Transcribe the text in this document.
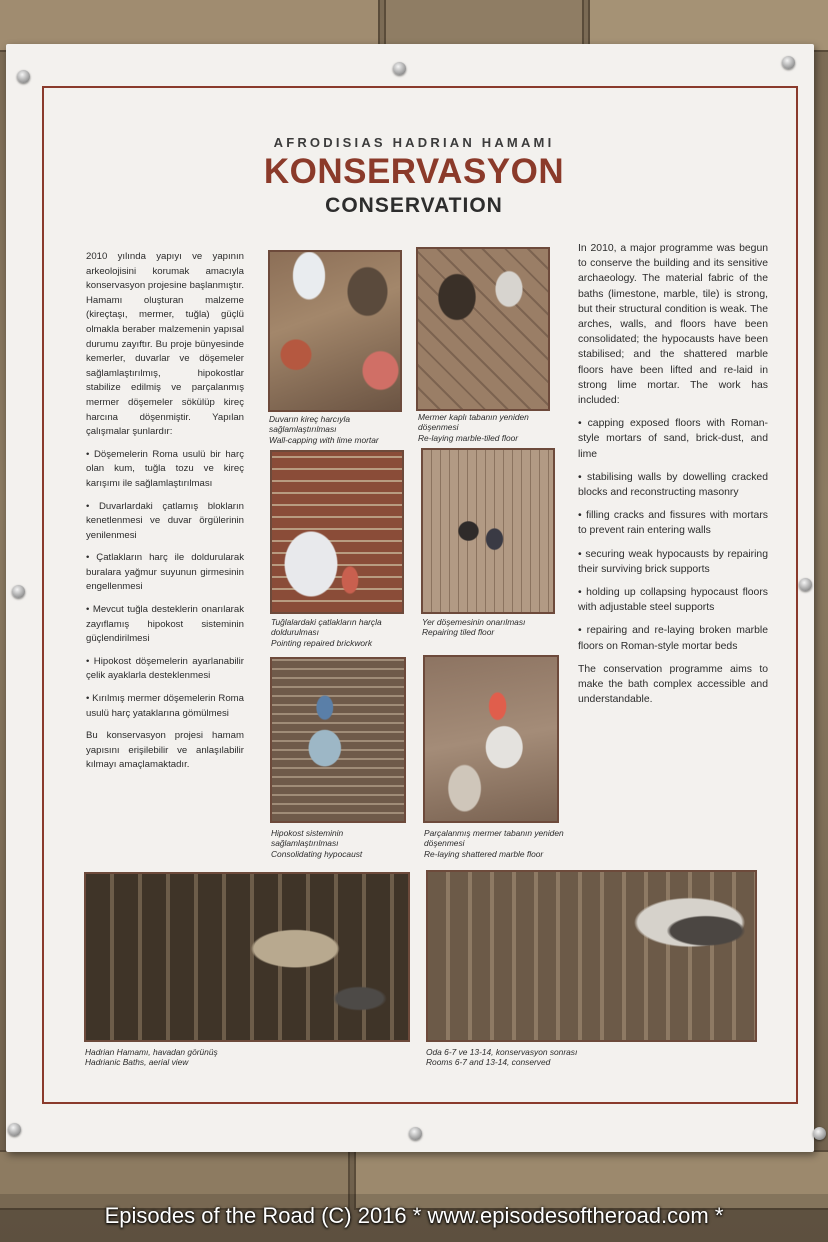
AFRODISIAS HADRIAN HAMAMI
KONSERVASYON
CONSERVATION

2010 yılında yapıyı ve yapının arkeolojisini korumak amacıyla konservasyon projesine başlanmıştır. Hamamı oluşturan malzeme (kireçtaşı, mermer, tuğla) güçlü olmakla beraber malzemenin yapısal durumu zayıftır. Bu proje bünyesinde kemerler, duvarlar ve döşemeler sağlamlaştırılmış, hipokostlar stabilize edilmiş ve parçalanmış mermer döşemeler sökülüp kireç harcına döşenmiştir. Yapılan çalışmalar şunlardır:

• Döşemelerin Roma usulü bir harç olan kum, tuğla tozu ve kireç karışımı ile sağlamlaştırılması

• Duvarlardaki çatlamış blokların kenetlenmesi ve duvar örgülerinin yenilenmesi

• Çatlakların harç ile doldurularak buralara yağmur suyunun girmesinin engellenmesi

• Mevcut tuğla desteklerin onarılarak zayıflamış hipokost sisteminin güçlendirilmesi

• Hipokost döşemelerin ayarlanabilir çelik ayaklarla desteklenmesi

• Kırılmış mermer döşemelerin Roma usulü harç yataklarına gömülmesi

Bu konservasyon projesi hamam yapısını erişilebilir ve anlaşılabilir kılmayı amaçlamaktadır.

In 2010, a major programme was begun to conserve the building and its sensitive archaeology. The material fabric of the baths (limestone, marble, tile) is strong, but their structural condition is weak. The arches, walls, and floors have been consolidated; the hypocausts have been stabilised; and the shattered marble floors have been lifted and re-laid in strong lime mortar. The work has included:

• capping exposed floors with Roman-style mortars of sand, brick-dust, and lime

• stabilising walls by dowelling cracked blocks and reconstructing masonry

• filling cracks and fissures with mortars to prevent rain entering walls

• securing weak hypocausts by repairing their surviving brick supports

• holding up collapsing hypocaust floors with adjustable steel supports

• repairing and re-laying broken marble floors on Roman-style mortar beds

The conservation programme aims to make the bath complex accessible and understandable.

Duvarın kireç harcıyla sağlamlaştırılması
Wall-capping with lime mortar
Mermer kaplı tabanın yeniden döşenmesi
Re-laying marble-tiled floor
Tuğlalardaki çatlakların harçla doldurulması
Pointing repaired brickwork
Yer döşemesinin onarılması
Repairing tiled floor
Hipokost sisteminin sağlamlaştırılması
Consolidating hypocaust
Parçalanmış mermer tabanın yeniden döşenmesi
Re-laying shattered marble floor
Hadrian Hamamı, havadan görünüş
Hadrianic Baths, aerial view
Oda 6-7 ve 13-14, konservasyon sonrası
Rooms 6-7 and 13-14, conserved
Episodes of the Road (C) 2016 * www.episodesoftheroad.com *
